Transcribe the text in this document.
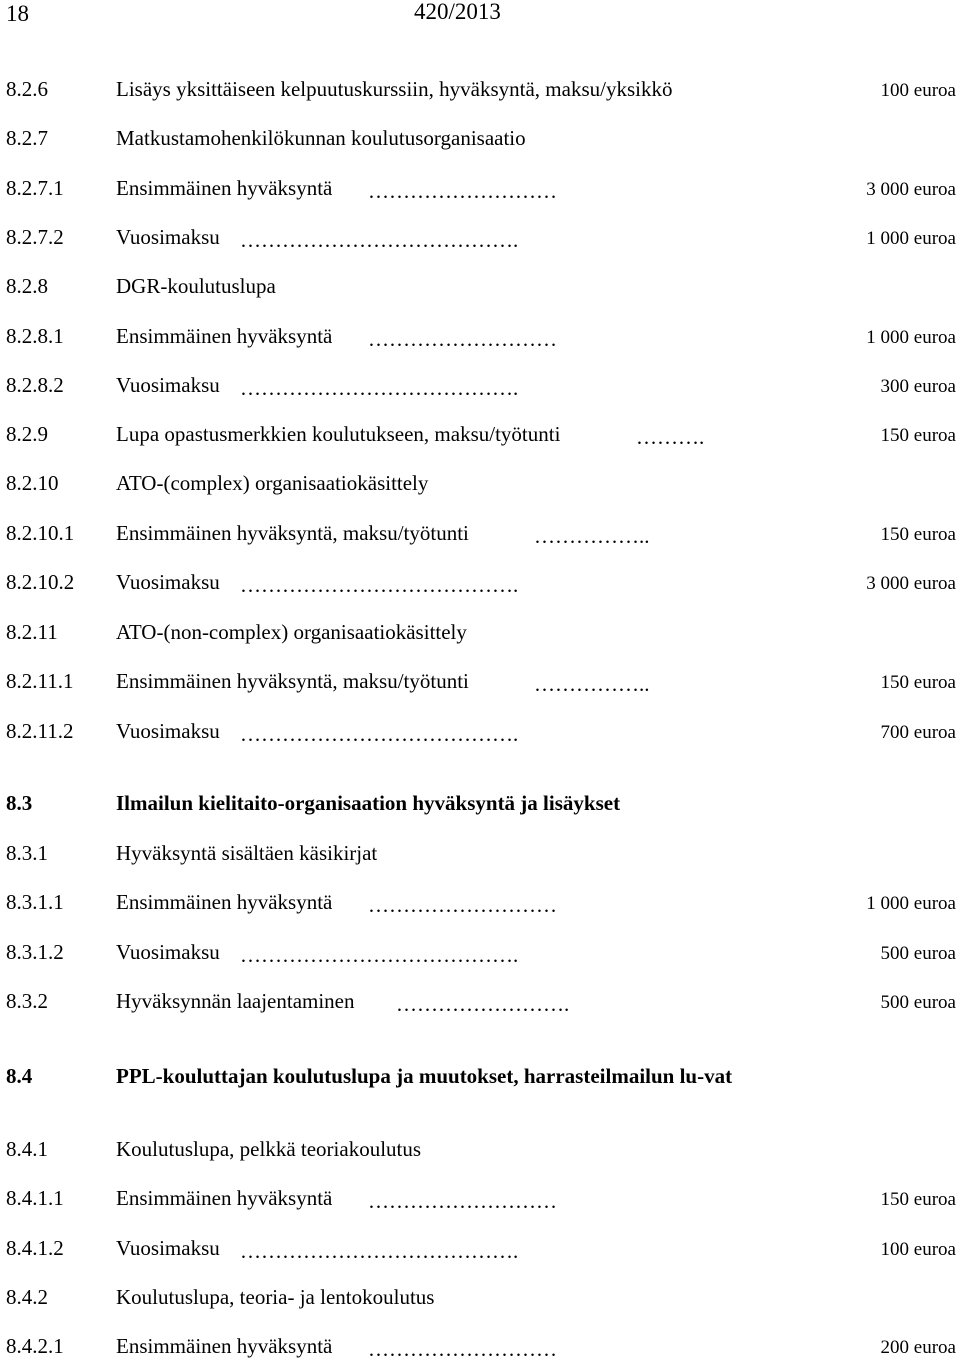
18	420/2013
8.2.6	Lisäys yksittäiseen kelpuutuskurssiin, hyväksyntä, maksu/yksikkö	100 euroa
8.2.7	Matkustamohenkilökunnan koulutusorganisaatio
8.2.7.1 Ensimmäinen hyväksyntä ………………………	3 000 euroa
8.2.7.2 Vuosimaksu ………………………………….	1 000 euroa
8.2.8	DGR-koulutuslupa
8.2.8.1 Ensimmäinen hyväksyntä ………………………	1 000 euroa
8.2.8.2 Vuosimaksu ………………………………….	300 euroa
8.2.9	Lupa opastusmerkkien koulutukseen, maksu/työtunti	……….	150 euroa
8.2.10	ATO-(complex) organisaatiokäsittely
8.2.10.1 Ensimmäinen hyväksyntä, maksu/työtunti	……………..	150 euroa
8.2.10.2 Vuosimaksu ………………………………….	3 000 euroa
8.2.11	ATO-(non-complex) organisaatiokäsittely
8.2.11.1 Ensimmäinen hyväksyntä, maksu/työtunti	……………..	150 euroa
8.2.11.2 Vuosimaksu ………………………………….	700 euroa
8.3	Ilmailun kielitaito-organisaation hyväksyntä ja lisäykset
8.3.1	Hyväksyntä sisältäen käsikirjat
8.3.1.1 Ensimmäinen hyväksyntä ………………………	1 000 euroa
8.3.1.2 Vuosimaksu ………………………………….	500 euroa
8.3.2	Hyväksynnän laajentaminen …………………….	500 euroa
8.4	PPL-kouluttajan koulutuslupa ja muutokset, harrasteilmailun lu-vat
8.4.1	Koulutuslupa, pelkkä teoriakoulutus
8.4.1.1 Ensimmäinen hyväksyntä ………………………	150 euroa
8.4.1.2 Vuosimaksu ………………………………….	100 euroa
8.4.2	Koulutuslupa, teoria- ja lentokoulutus
8.4.2.1 Ensimmäinen hyväksyntä ………………………	200 euroa
